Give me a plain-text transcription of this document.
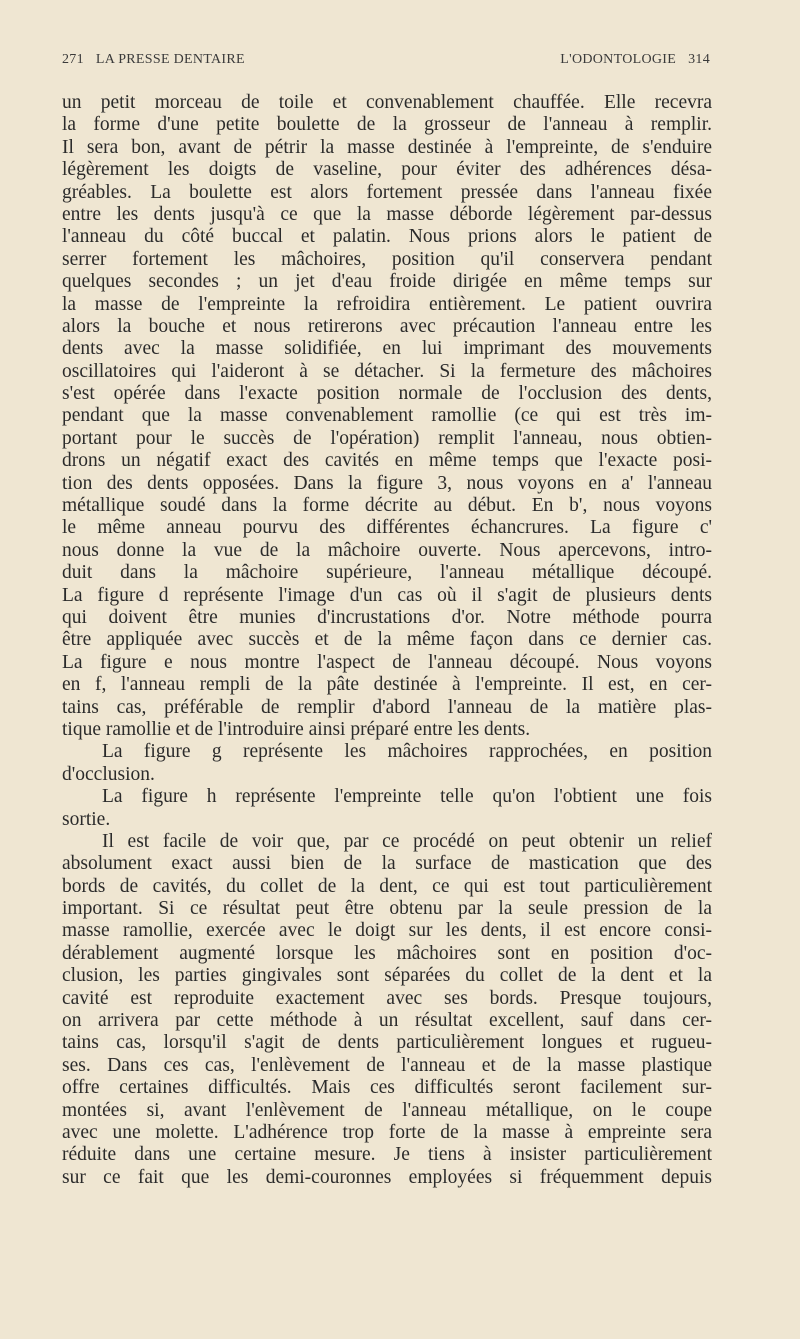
271 LA PRESSE DENTAIRE	L'ODONTOLOGIE 314
un petit morceau de toile et convenablement chauffée. Elle recevra
la forme d'une petite boulette de la grosseur de l'anneau à remplir.
Il sera bon, avant de pétrir la masse destinée à l'empreinte, de s'enduire
légèrement les doigts de vaseline, pour éviter des adhérences désa-
gréables. La boulette est alors fortement pressée dans l'anneau fixée
entre les dents jusqu'à ce que la masse déborde légèrement par-dessus
l'anneau du côté buccal et palatin. Nous prions alors le patient de
serrer fortement les mâchoires, position qu'il conservera pendant
quelques secondes ; un jet d'eau froide dirigée en même temps sur
la masse de l'empreinte la refroidira entièrement. Le patient ouvrira
alors la bouche et nous retirerons avec précaution l'anneau entre les
dents avec la masse solidifiée, en lui imprimant des mouvements
oscillatoires qui l'aideront à se détacher. Si la fermeture des mâchoires
s'est opérée dans l'exacte position normale de l'occlusion des dents,
pendant que la masse convenablement ramollie (ce qui est très im-
portant pour le succès de l'opération) remplit l'anneau, nous obtien-
drons un négatif exact des cavités en même temps que l'exacte posi-
tion des dents opposées. Dans la figure 3, nous voyons en a' l'anneau
métallique soudé dans la forme décrite au début. En b', nous voyons
le même anneau pourvu des différentes échancrures. La figure c'
nous donne la vue de la mâchoire ouverte. Nous apercevons, intro-
duit dans la mâchoire supérieure, l'anneau métallique découpé.
La figure d représente l'image d'un cas où il s'agit de plusieurs dents
qui doivent être munies d'incrustations d'or. Notre méthode pourra
être appliquée avec succès et de la même façon dans ce dernier cas.
La figure e nous montre l'aspect de l'anneau découpé. Nous voyons
en f, l'anneau rempli de la pâte destinée à l'empreinte. Il est, en cer-
tains cas, préférable de remplir d'abord l'anneau de la matière plas-
tique ramollie et de l'introduire ainsi préparé entre les dents.
La figure g représente les mâchoires rapprochées, en position
d'occlusion.
La figure h représente l'empreinte telle qu'on l'obtient une fois
sortie.
Il est facile de voir que, par ce procédé on peut obtenir un relief
absolument exact aussi bien de la surface de mastication que des
bords de cavités, du collet de la dent, ce qui est tout particulièrement
important. Si ce résultat peut être obtenu par la seule pression de la
masse ramollie, exercée avec le doigt sur les dents, il est encore consi-
dérablement augmenté lorsque les mâchoires sont en position d'oc-
clusion, les parties gingivales sont séparées du collet de la dent et la
cavité est reproduite exactement avec ses bords. Presque toujours,
on arrivera par cette méthode à un résultat excellent, sauf dans cer-
tains cas, lorsqu'il s'agit de dents particulièrement longues et rugueu-
ses. Dans ces cas, l'enlèvement de l'anneau et de la masse plastique
offre certaines difficultés. Mais ces difficultés seront facilement sur-
montées si, avant l'enlèvement de l'anneau métallique, on le coupe
avec une molette. L'adhérence trop forte de la masse à empreinte sera
réduite dans une certaine mesure. Je tiens à insister particulièrement
sur ce fait que les demi-couronnes employées si fréquemment depuis
